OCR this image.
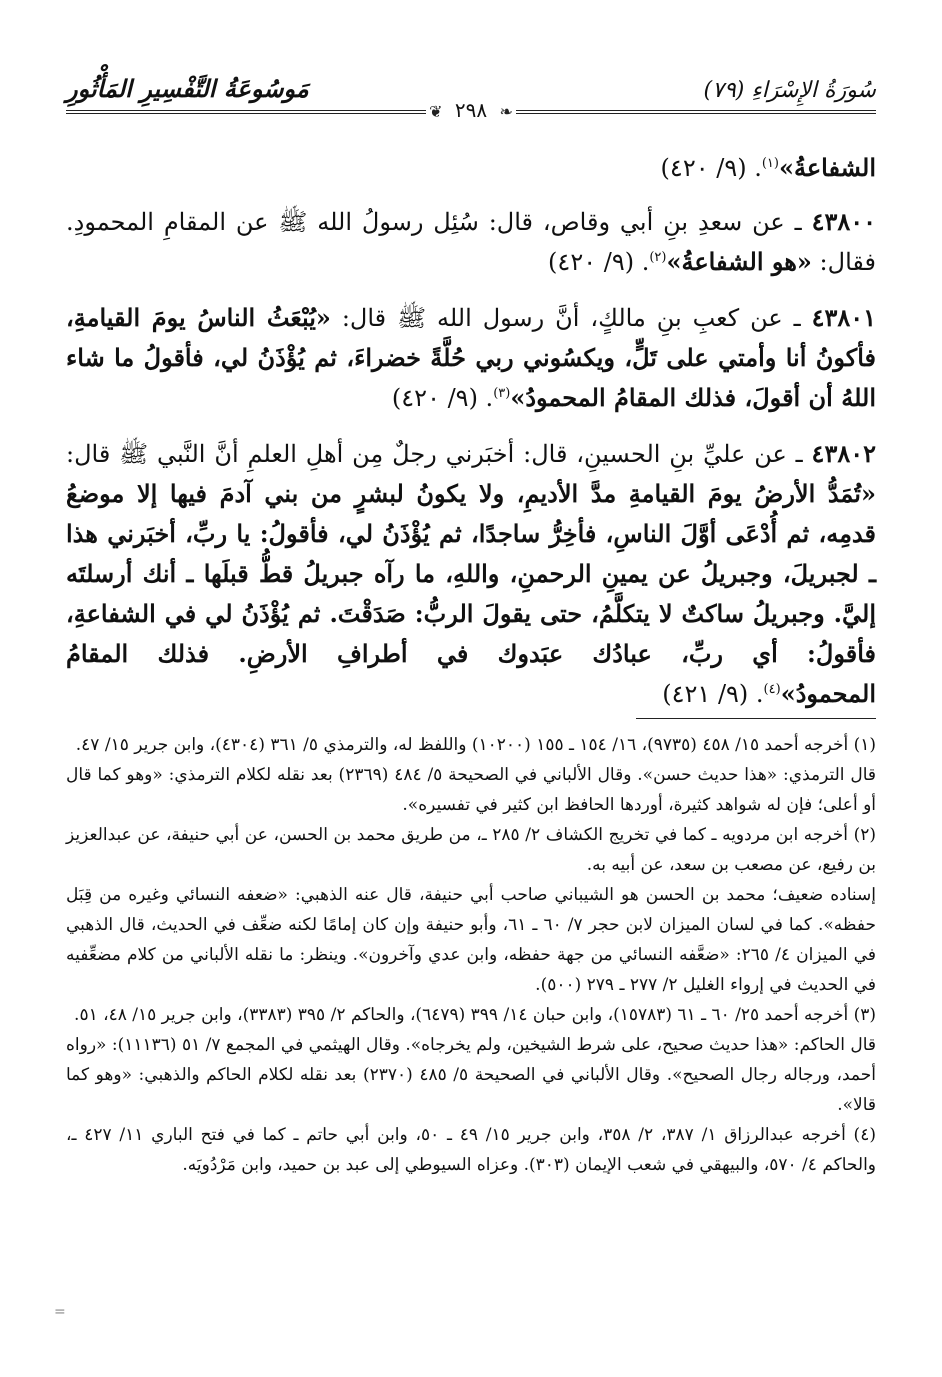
سُورَةُ الإِسْرَاءِ (٧٩)
مَوسُوعَةُ التَّفْسِيرِ المَأْثُورِ
❧ ٢٩٨ ❦

الشفاعةُ»$^{(١)}$. (٩/ ٤٢٠)

٤٣٨٠٠ ـ عن سعدِ بنِ أبي وقاص، قال: سُئِل رسولُ الله ﷺ عن المقامِ المحمودِ. فقال: «هو الشفاعةُ»$^{(٢)}$. (٩/ ٤٢٠)

٤٣٨٠١ ـ عن كعبِ بنِ مالكٍ، أنَّ رسول الله ﷺ قال: «يُبْعَثُ الناسُ يومَ القيامةِ، فأكونُ أنا وأمتي على تَلٍّ، ويكسُوني ربي حُلَّةً خضراءَ، ثم يُؤْذَنُ لي، فأقولُ ما شاء اللهُ أن أقولَ، فذلك المقامُ المحمودُ»$^{(٣)}$. (٩/ ٤٢٠)

٤٣٨٠٢ ـ عن عليِّ بنِ الحسينِ، قال: أخبَرني رجلٌ مِن أهلِ العلمِ أنَّ النَّبي ﷺ قال: «تُمَدُّ الأرضُ يومَ القيامةِ مدَّ الأديمِ، ولا يكونُ لبشرٍ من بني آدمَ فيها إلا موضعُ قدمِه، ثم أُدْعَى أوَّلَ الناسِ، فأخِرُّ ساجدًا، ثم يُؤْذَنُ لي، فأقولُ: يا ربِّ، أخبَرني هذا ـ لجبريلَ، وجبريلُ عن يمينِ الرحمنِ، واللهِ، ما رآه جبريلُ قطُّ قبلَها ـ أنك أرسلتَه إليَّ. وجبريلُ ساكتٌ لا يتكلَّمُ، حتى يقولَ الربُّ: صَدَقْتَ. ثم يُؤْذَنُ لي في الشفاعةِ، فأقولُ: أي ربِّ، عبادُك عبَدوك في أطرافِ الأرضِ. فذلك المقامُ المحمودُ»$^{(٤)}$. (٩/ ٤٢١)

(١) أخرجه أحمد ١٥/ ٤٥٨ (٩٧٣٥)، ١٦/ ١٥٤ ـ ١٥٥ (١٠٢٠٠) واللفظ له، والترمذي ٥/ ٣٦١ (٤٣٠٤)، وابن جرير ١٥/ ٤٧.

قال الترمذي: «هذا حديث حسن». وقال الألباني في الصحيحة ٥/ ٤٨٤ (٢٣٦٩) بعد نقله لكلام الترمذي: «وهو كما قال أو أعلى؛ فإن له شواهد كثيرة، أوردها الحافظ ابن كثير في تفسيره».

(٢) أخرجه ابن مردويه ـ كما في تخريج الكشاف ٢/ ٢٨٥ ـ، من طريق محمد بن الحسن، عن أبي حنيفة، عن عبدالعزيز بن رفيع، عن مصعب بن سعد، عن أبيه به.

إسناده ضعيف؛ محمد بن الحسن هو الشيباني صاحب أبي حنيفة، قال عنه الذهبي: «ضعفه النسائي وغيره من قِبَل حفظه». كما في لسان الميزان لابن حجر ٧/ ٦٠ ـ ٦١، وأبو حنيفة وإن كان إمامًا لكنه ضعِّف في الحديث، قال الذهبي في الميزان ٤/ ٢٦٥: «ضعَّفه النسائي من جهة حفظه، وابن عدي وآخرون». وينظر: ما نقله الألباني من كلام مضعِّفيه في الحديث في إرواء الغليل ٢/ ٢٧٧ ـ ٢٧٩ (٥٠٠).

(٣) أخرجه أحمد ٢٥/ ٦٠ ـ ٦١ (١٥٧٨٣)، وابن حبان ١٤/ ٣٩٩ (٦٤٧٩)، والحاكم ٢/ ٣٩٥ (٣٣٨٣)، وابن جرير ١٥/ ٤٨، ٥١.

قال الحاكم: «هذا حديث صحيح، على شرط الشيخين، ولم يخرجاه». وقال الهيثمي في المجمع ٧/ ٥١ (١١١٣٦): «رواه أحمد، ورجاله رجال الصحيح». وقال الألباني في الصحيحة ٥/ ٤٨٥ (٢٣٧٠) بعد نقله لكلام الحاكم والذهبي: «وهو كما قالا».

(٤) أخرجه عبدالرزاق ١/ ٣٨٧، ٢/ ٣٥٨، وابن جرير ١٥/ ٤٩ ـ ٥٠، وابن أبي حاتم ـ كما في فتح الباري ١١/ ٤٢٧ ـ، والحاكم ٤/ ٥٧٠، والبيهقي في شعب الإيمان (٣٠٣). وعزاه السيوطي إلى عبد بن حميد، وابن مَرْدُويَه.

=
